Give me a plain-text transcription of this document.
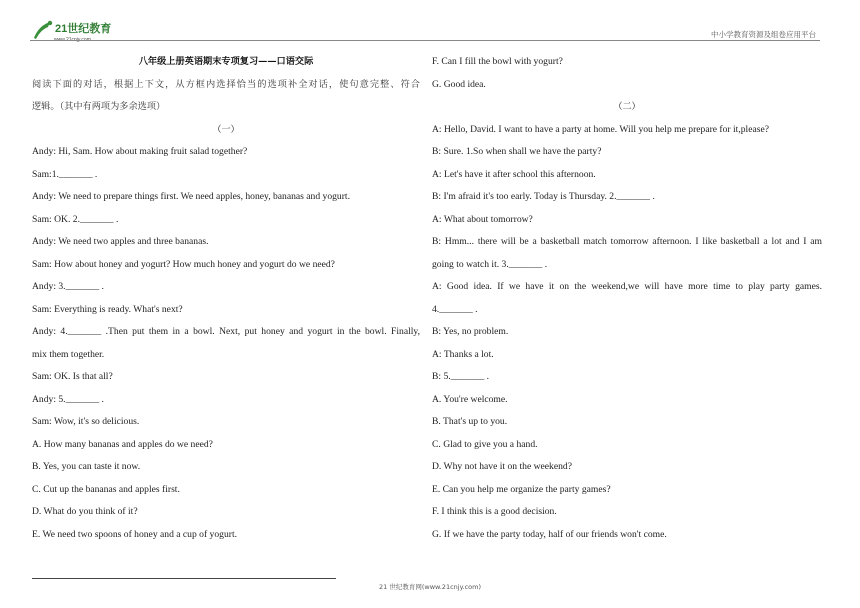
21世纪教育
www.21cnjy.com
中小学教育资源及组卷应用平台
八年级上册英语期末专项复习——口语交际
阅读下面的对话，根据上下文，从方框内选择恰当的选项补全对话，使句意完整、符合
逻辑。（其中有两项为多余选项）
（一）
Andy: Hi, Sam. How about making fruit salad together?
Sam:1._______ .
Andy: We need to prepare things first. We need apples, honey, bananas and yogurt.
Sam: OK. 2._______ .
Andy: We need two apples and three bananas.
Sam: How about honey and yogurt? How much honey and yogurt do we need?
Andy: 3._______ .
Sam: Everything is ready. What's next?
Andy: 4._______ .Then put them in a bowl. Next, put honey and yogurt in the bowl. Finally,
mix them together.
Sam: OK. Is that all?
Andy: 5._______ .
Sam: Wow, it's so delicious.
A. How many bananas and apples do we need?
B. Yes, you can taste it now.
C. Cut up the bananas and apples first.
D. What do you think of it?
E. We need two spoons of honey and a cup of yogurt.
F. Can I fill the bowl with yogurt?
G. Good idea.
（二）
A: Hello, David. I want to have a party at home. Will you help me prepare for it,please?
B: Sure. 1.So when shall we have the party?
A: Let's have it after school this afternoon.
B: I'm afraid it's too early. Today is Thursday. 2._______ .
A: What about tomorrow?
B: Hmm... there will be a basketball match tomorrow afternoon. I like basketball a lot and I am
going to watch it. 3._______ .
A: Good idea. If we have it on the weekend,we will have more time to play party games.
4._______ .
B: Yes, no problem.
A: Thanks a lot.
B: 5._______ .
A. You're welcome.
B. That's up to you.
C. Glad to give you a hand.
D. Why not have it on the weekend?
E. Can you help me organize the party games?
F. I think this is a good decision.
G. If we have the party today, half of our friends won't come.
21 世纪教育网(www.21cnjy.com)
